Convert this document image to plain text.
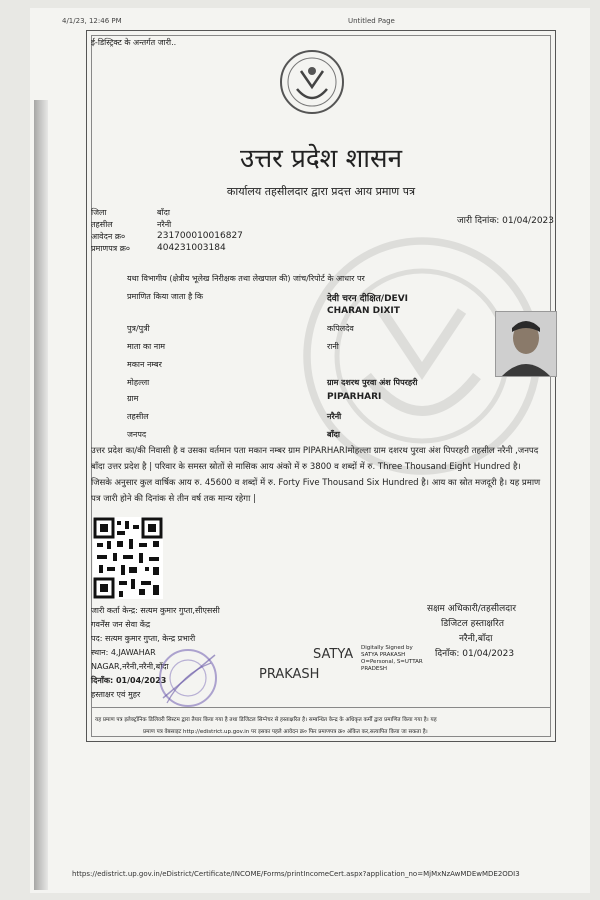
4/1/23, 12:46 PM	Untitled Page
ई-डिस्ट्रिक्ट के अन्तर्गत जारी..
उत्तर प्रदेश शासन
कार्यालय तहसीलदार द्वारा प्रदत्त आय प्रमाण पत्र
जिला	बाँदा
तहसील	नरैनी
आवेदन क्र०	231700010016827
प्रमाणपत्र क्र०	404231003184
जारी दिनांक: 01/04/2023
यथा विभागीय (क्षेत्रीय भूलेख निरीक्षक तथा लेखपाल की) जांच/रिपोर्ट के आधार पर
प्रमाणित किया जाता है कि	देवी चरन दीक्षित/DEVI
CHARAN DIXIT
पुत्र/पुत्री	कपिलदेव
माता का नाम	रानी
मकान नम्बर
मोहल्ला	ग्राम दशरथ पुरवा अंश पिपरहरी
ग्राम	PIPARHARI
तहसील	नरैनी
जनपद	बाँदा
उत्तर प्रदेश का/की निवासी है व उसका वर्तमान पता मकान नम्बर ग्राम PIPARHARIमोहल्ला ग्राम दशरथ पुरवा अंश पिपरहरी तहसील नरैनी ,जनपद बाँदा उत्तर प्रदेश है | परिवार के समस्त स्रोतों से मासिक आय अंको में रु 3800 व शब्दों में रु. Three Thousand Eight Hundred है। जिसके अनुसार कुल वार्षिक आय रु. 45600 व शब्दों में रु. Forty Five Thousand Six Hundred है। आय का स्रोत मजदूरी है। यह प्रमाण पत्र जारी होने की दिनांक से तीन वर्ष तक मान्य रहेगा |
जारी कर्ता केन्द्र: सत्यम कुमार गुप्ता,सीएससी
गवर्नेंस जन सेवा केंद्र
पद: सत्यम कुमार गुप्ता, केन्द्र प्रभारी
स्थान: 4,JAWAHAR
NAGAR,नरैनी,नरैनी,बाँदा
दिनाँक: 01/04/2023
हस्ताक्षर एवं मुहर
SATYA
PRAKASH
Digitally Signed by
SATYA PRAKASH
O=Personal, S=UTTAR
PRADESH
सक्षम अधिकारी/तहसीलदार
डिजिटल हस्ताक्षरित
नरैनी,बाँदा
दिनाँक: 01/04/2023
यह प्रमाण पत्र इलेक्ट्रॉनिक डिलिवरी सिस्टम द्वारा तैयार किया गया है तथा डिजिटल सिग्नेचर से हस्ताक्षरित है। सम्बन्धित केन्द्र के अधिकृत कर्मी द्वारा प्रमाणित किया गया है। यह
प्रमाण पत्र वेबसाइट http://edistrict.up.gov.in पर इसका पहले आवेदन क्र० फिर प्रमाणपत्र क्र० अंकित कर,सत्यापित किया जा सकता है।
https://edistrict.up.gov.in/eDistrict/Certificate/INCOME/Forms/printIncomeCert.aspx?application_no=MjMxNzAwMDEwMDE2ODI3
